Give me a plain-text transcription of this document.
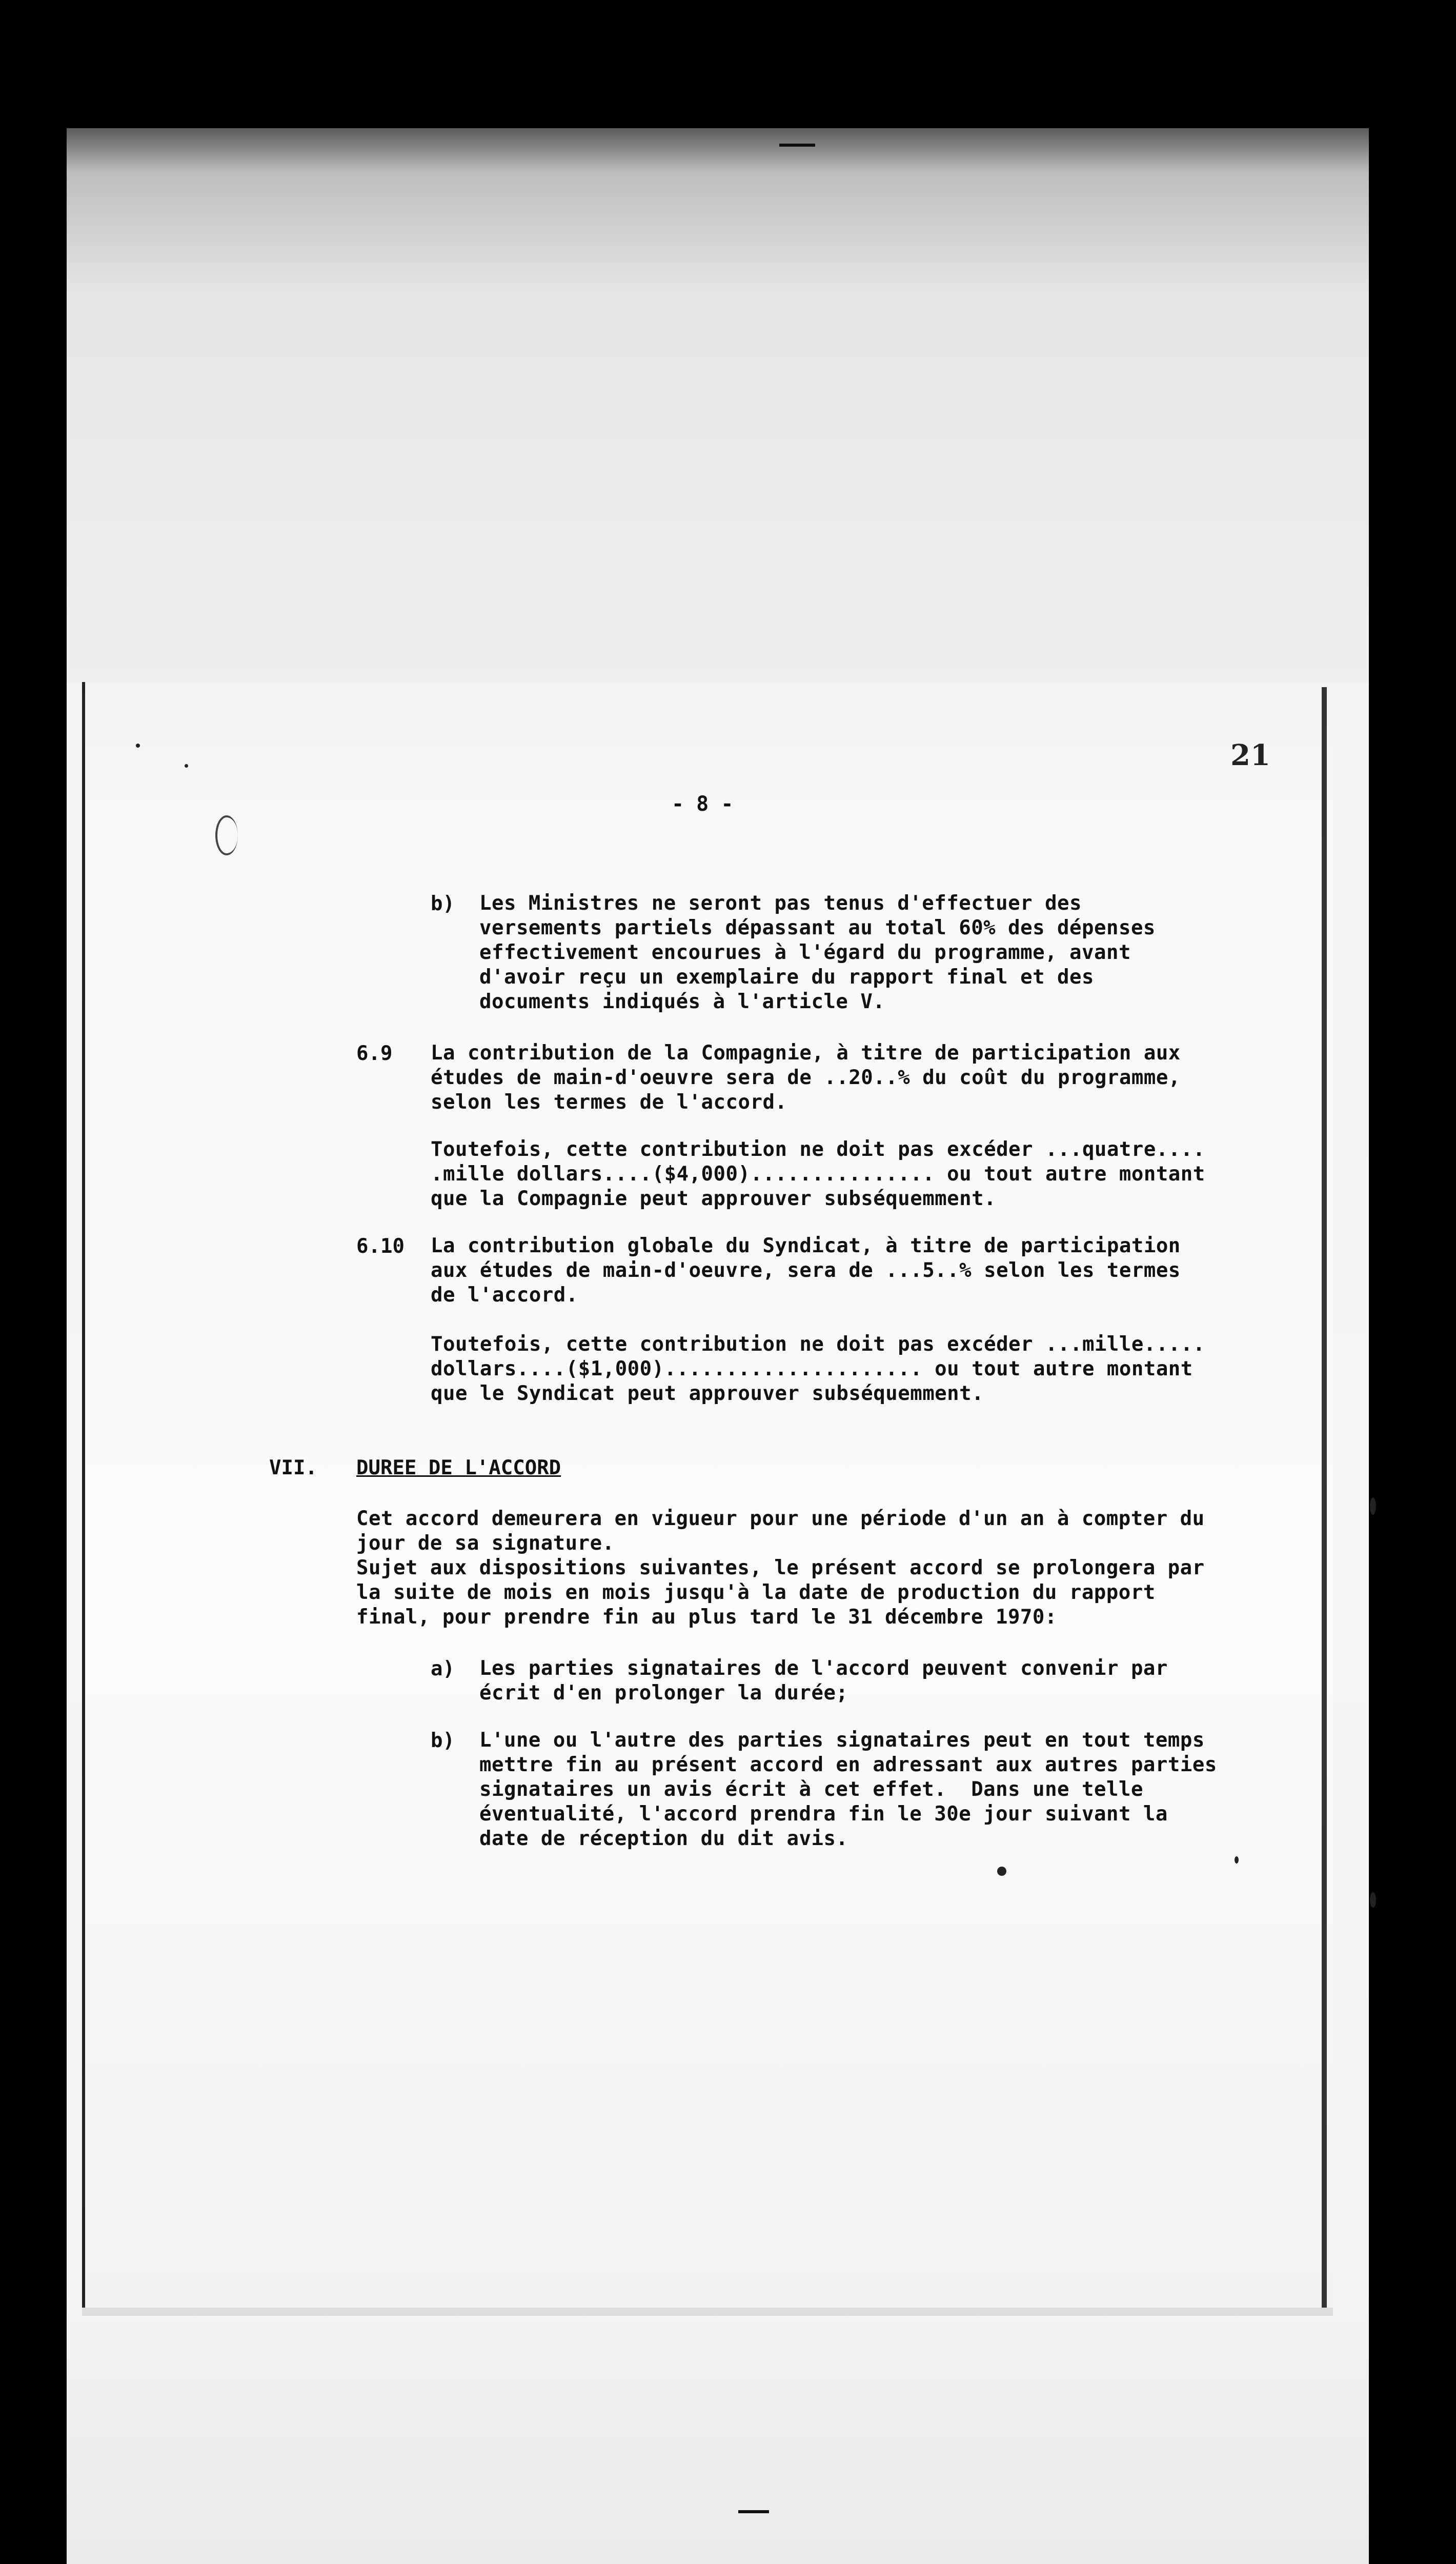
21
- 8 -
b) Les Ministres ne seront pas tenus d'effectuer des
versements partiels dépassant au total 60% des dépenses
effectivement encourues à l'égard du programme, avant
d'avoir reçu un exemplaire du rapport final et des
documents indiqués à l'article V.
6.9 La contribution de la Compagnie, à titre de participation aux
études de main-d'oeuvre sera de ..20..% du coût du programme,
selon les termes de l'accord.
Toutefois, cette contribution ne doit pas excéder ...quatre....
.mille dollars....($4,000)............... ou tout autre montant
que la Compagnie peut approuver subséquemment.
6.10 La contribution globale du Syndicat, à titre de participation
aux études de main-d'oeuvre, sera de ...5..% selon les termes
de l'accord.
Toutefois, cette contribution ne doit pas excéder ...mille.....
dollars....($1,000)..................... ou tout autre montant
que le Syndicat peut approuver subséquemment.
VII. DUREE DE L'ACCORD
Cet accord demeurera en vigueur pour une période d'un an à compter du
jour de sa signature.
Sujet aux dispositions suivantes, le présent accord se prolongera par
la suite de mois en mois jusqu'à la date de production du rapport
final, pour prendre fin au plus tard le 31 décembre 1970:
a) Les parties signataires de l'accord peuvent convenir par
écrit d'en prolonger la durée;
b) L'une ou l'autre des parties signataires peut en tout temps
mettre fin au présent accord en adressant aux autres parties
signataires un avis écrit à cet effet.  Dans une telle
éventualité, l'accord prendra fin le 30e jour suivant la
date de réception du dit avis.
